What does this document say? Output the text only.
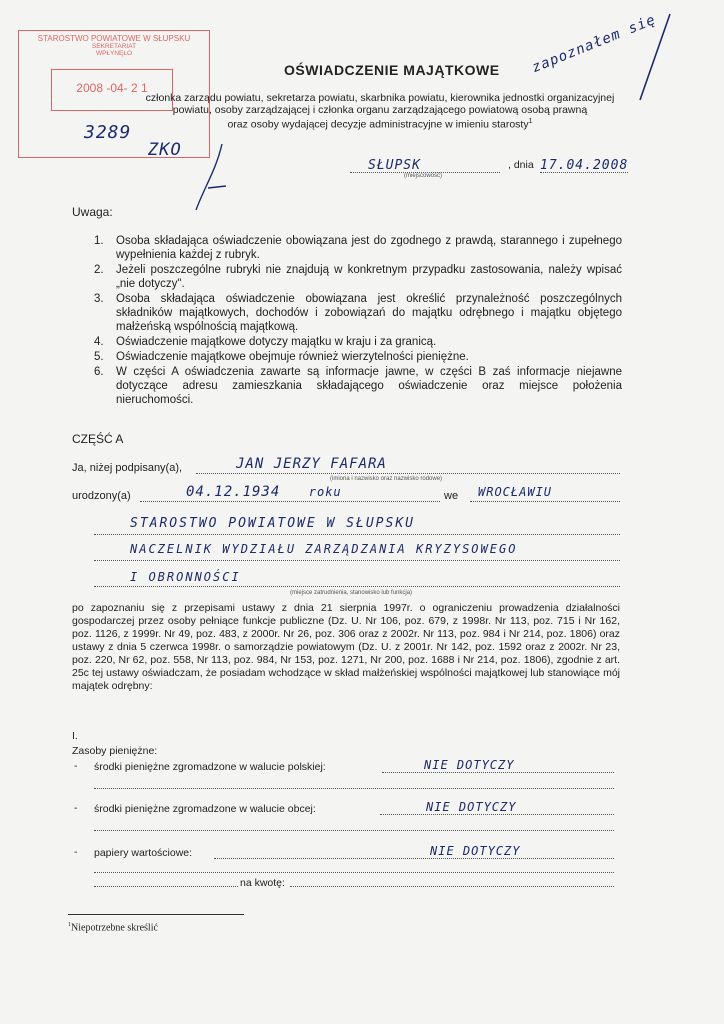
STAROSTWO POWIATOWE W SŁUPSKU
SEKRETARIAT
WPŁYNĘŁO
2008 -04- 2 1
3289
ZKO
zapoznałem się
OŚWIADCZENIE MAJĄTKOWE
członka zarządu powiatu, sekretarza powiatu, skarbnika powiatu, kierownika jednostki organizacyjnej
powiatu, osoby zarządzającej i członka organu zarządzającego powiatową osobą prawną
oraz osoby wydającej decyzje administracyjne w imieniu starosty$^1$
SŁUPSK
(miejscowość)
, dnia 17.04.2008
Uwaga:
1.	Osoba składająca oświadczenie obowiązana jest do zgodnego z prawdą, starannego i zupełnego wypełnienia każdej z rubryk.
2.	Jeżeli poszczególne rubryki nie znajdują w konkretnym przypadku zastosowania, należy wpisać „nie dotyczy".
3.	Osoba składająca oświadczenie obowiązana jest określić przynależność poszczególnych składników majątkowych, dochodów i zobowiązań do majątku odrębnego i majątku objętego małżeńską wspólnością majątkową.
4.	Oświadczenie majątkowe dotyczy majątku w kraju i za granicą.
5.	Oświadczenie majątkowe obejmuje również wierzytelności pieniężne.
6.	W części A oświadczenia zawarte są informacje jawne, w części B zaś informacje niejawne dotyczące adresu zamieszkania składającego oświadczenie oraz miejsce położenia nieruchomości.
CZĘŚĆ A
Ja, niżej podpisany(a),	JAN JERZY FAFARA
(imiona i nazwisko oraz nazwisko rodowe)
urodzony(a)	04.12.1934 roku	we	WROCŁAWIU
STAROSTWO POWIATOWE W SŁUPSKU
NACZELNIK WYDZIAŁU ZARZĄDZANIA KRYZYSOWEGO
I OBRONNOŚCI
(miejsce zatrudnienia, stanowisko lub funkcja)
po zapoznaniu się z przepisami ustawy z dnia 21 sierpnia 1997r. o ograniczeniu prowadzenia działalności gospodarczej przez osoby pełniące funkcje publiczne (Dz. U. Nr 106, poz. 679, z 1998r. Nr 113, poz. 715 i Nr 162, poz. 1126, z 1999r. Nr 49, poz. 483, z 2000r. Nr 26, poz. 306 oraz z 2002r. Nr 113, poz. 984 i Nr 214, poz. 1806) oraz ustawy z dnia 5 czerwca 1998r. o samorządzie powiatowym (Dz. U. z 2001r. Nr 142, poz. 1592 oraz z 2002r. Nr 23, poz. 220, Nr 62, poz. 558, Nr 113, poz. 984, Nr 153, poz. 1271, Nr 200, poz. 1688 i Nr 214, poz. 1806), zgodnie z art. 25c tej ustawy oświadczam, że posiadam wchodzące w skład małżeńskiej wspólności majątkowej lub stanowiące mój majątek odrębny:
I.
Zasoby pieniężne:
- środki pieniężne zgromadzone w walucie polskiej:	NIE DOTYCZY
- środki pieniężne zgromadzone w walucie obcej:	NIE DOTYCZY
- papiery wartościowe:	NIE DOTYCZY
na kwotę:
$^1$Niepotrzebne skreślić
